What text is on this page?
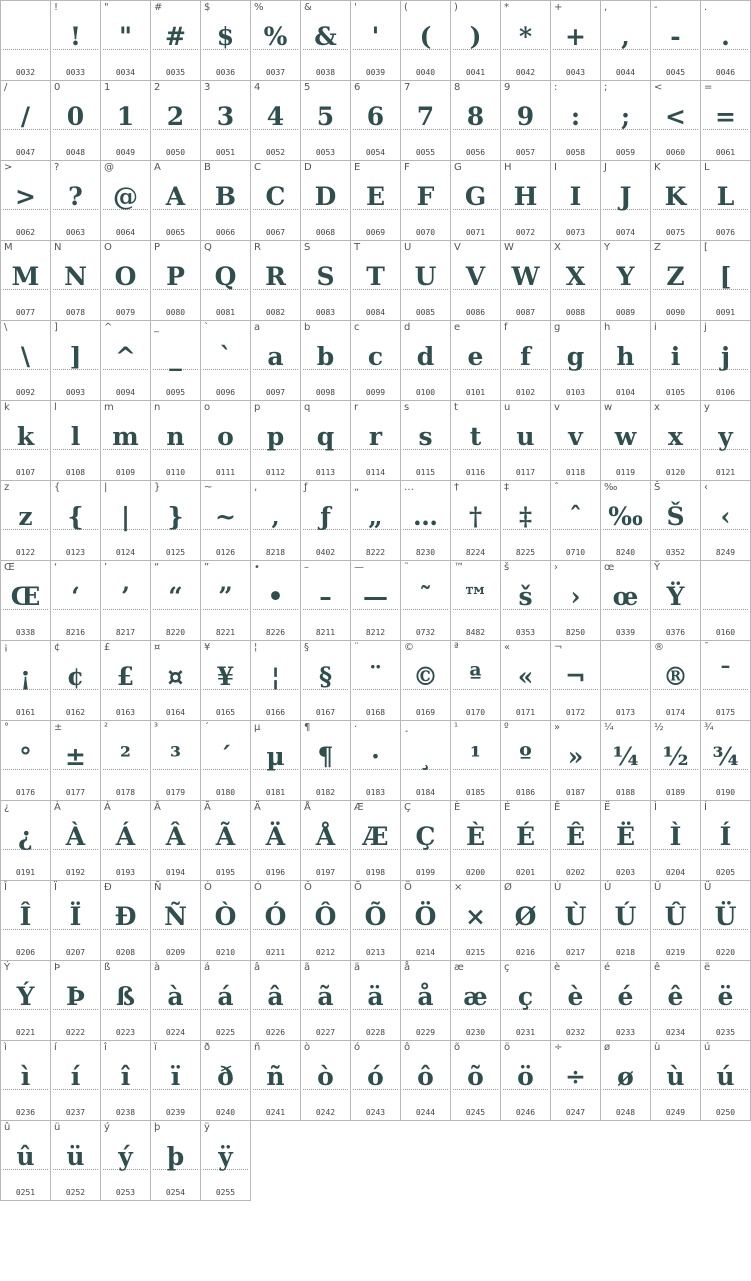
0032
!
!
0033
"
"
0034
#
#
0035
$
$
0036
%
%
0037
&
&
0038
'
'
0039
(
(
0040
)
)
0041
*
*
0042
+
+
0043
,
,
0044
-
-
0045
.
.
0046
/
/
0047
0
0
0048
1
1
0049
2
2
0050
3
3
0051
4
4
0052
5
5
0053
6
6
0054
7
7
0055
8
8
0056
9
9
0057
:
:
0058
;
;
0059
<
<
0060
=
=
0061
>
>
0062
?
?
0063
@
@
0064
A
A
0065
B
B
0066
C
C
0067
D
D
0068
E
E
0069
F
F
0070
G
G
0071
H
H
0072
I
I
0073
J
J
0074
K
K
0075
L
L
0076
M
M
0077
N
N
0078
O
O
0079
P
P
0080
Q
Q
0081
R
R
0082
S
S
0083
T
T
0084
U
U
0085
V
V
0086
W
W
0087
X
X
0088
Y
Y
0089
Z
Z
0090
[
[
0091
\
\
0092
]
]
0093
^
^
0094
_
_
0095
`
`
0096
a
a
0097
b
b
0098
c
c
0099
d
d
0100
e
e
0101
f
f
0102
g
g
0103
h
h
0104
i
i
0105
j
j
0106
k
k
0107
l
l
0108
m
m
0109
n
n
0110
o
o
0111
p
p
0112
q
q
0113
r
r
0114
s
s
0115
t
t
0116
u
u
0117
v
v
0118
w
w
0119
x
x
0120
y
y
0121
z
z
0122
{
{
0123
|
|
0124
}
}
0125
~
~
0126
‚
‚
8218
ƒ
ƒ
0402
„
„
8222
…
…
8230
†
†
8224
‡
‡
8225
ˆ
ˆ
0710
‰
‰
8240
Š
Š
0352
‹
‹
8249
Œ
Œ
0338
‘
‘
8216
’
’
8217
“
“
8220
”
”
8221
•
•
8226
–
–
8211
—
—
8212
˜
˜
0732
™
™
8482
š
š
0353
›
›
8250
œ
œ
0339
Ÿ
Ÿ
0376	0160
¡
¡
0161
¢
¢
0162
£
£
0163
¤
¤
0164
¥
¥
0165
¦
¦
0166
§
§
0167
¨
¨
0168
©
©
0169
ª
ª
0170
«
«
0171
¬
¬
0172	0173
®
®
0174
¯
¯
0175
°
°
0176
±
±
0177
²
²
0178
³
³
0179
´
´
0180
µ
µ
0181
¶
¶
0182
·
·
0183
¸
¸
0184
¹
¹
0185
º
º
0186
»
»
0187
¼
¼
0188
½
½
0189
¾
¾
0190
¿
¿
0191
À
À
0192
Á
Á
0193
Â
Â
0194
Ã
Ã
0195
Ä
Ä
0196
Å
Å
0197
Æ
Æ
0198
Ç
Ç
0199
È
È
0200
É
É
0201
Ê
Ê
0202
Ë
Ë
0203
Ì
Ì
0204
Í
Í
0205
Î
Î
0206
Ï
Ï
0207
Ð
Ð
0208
Ñ
Ñ
0209
Ò
Ò
0210
Ó
Ó
0211
Ô
Ô
0212
Õ
Õ
0213
Ö
Ö
0214
×
×
0215
Ø
Ø
0216
Ù
Ù
0217
Ú
Ú
0218
Û
Û
0219
Ü
Ü
0220
Ý
Ý
0221
Þ
Þ
0222
ß
ß
0223
à
à
0224
á
á
0225
â
â
0226
ã
ã
0227
ä
ä
0228
å
å
0229
æ
æ
0230
ç
ç
0231
è
è
0232
é
é
0233
ê
ê
0234
ë
ë
0235
ì
ì
0236
í
í
0237
î
î
0238
ï
ï
0239
ð
ð
0240
ñ
ñ
0241
ò
ò
0242
ó
ó
0243
ô
ô
0244
õ
õ
0245
ö
ö
0246
÷
÷
0247
ø
ø
0248
ù
ù
0249
ú
ú
0250
û
û
0251
ü
ü
0252
ý
ý
0253
þ
þ
0254
ÿ
ÿ
0255
